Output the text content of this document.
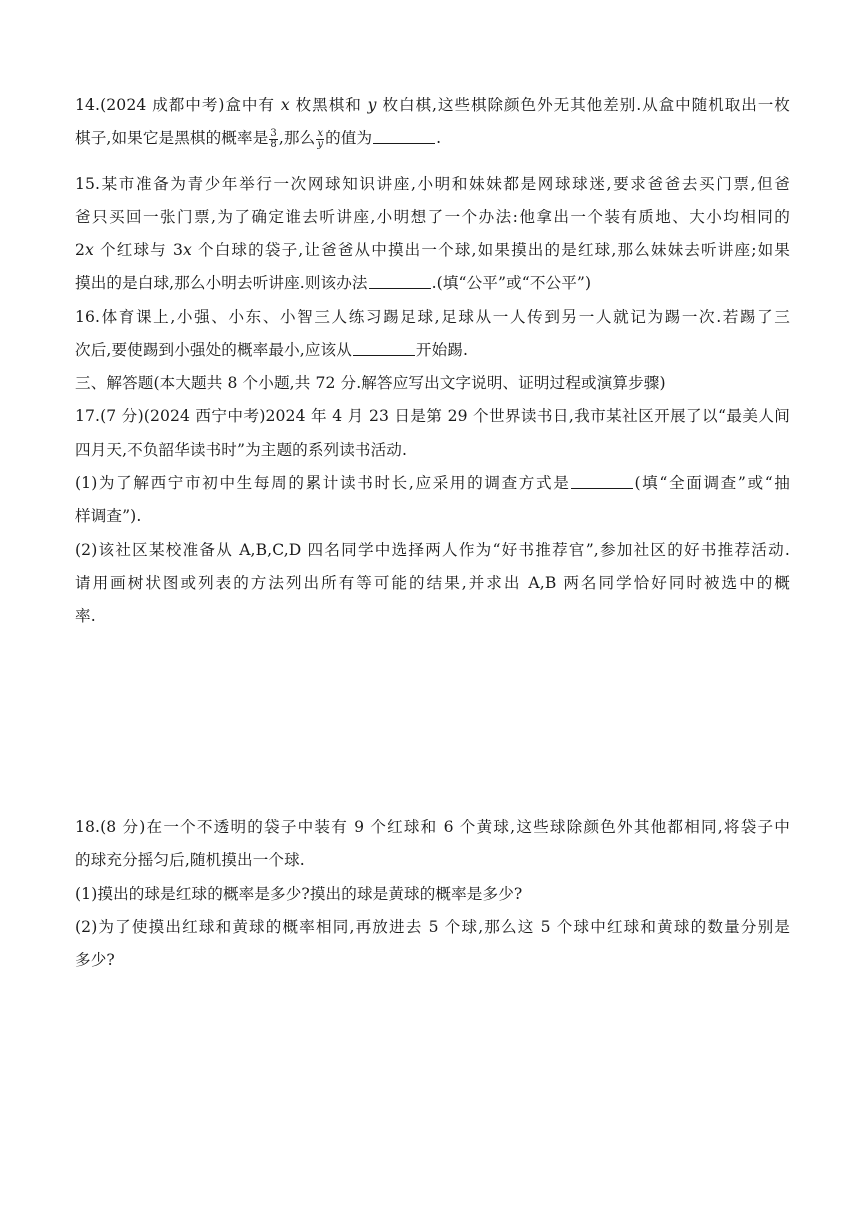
14.(2024 成都中考)盒中有 x 枚黑棋和 y 枚白棋,这些棋除颜色外无其他差别.从盒中随机取出一枚
棋子,如果它是黑棋的概率是 $\frac{3}{8}$ ,那么 $\frac{x}{y}$ 的值为	.
15.某市准备为青少年举行一次网球知识讲座,小明和妹妹都是网球球迷,要求爸爸去买门票,但爸
爸只买回一张门票,为了确定谁去听讲座,小明想了一个办法:他拿出一个装有质地、大小均相同的
2x 个红球与 3x 个白球的袋子,让爸爸从中摸出一个球,如果摸出的是红球,那么妹妹去听讲座;如果
摸出的是白球,那么小明去听讲座.则该办法	.(填“公平”或“不公平”)
16.体育课上,小强、小东、小智三人练习踢足球,足球从一人传到另一人就记为踢一次.若踢了三
次后,要使踢到小强处的概率最小,应该从	开始踢.
三、解答题(本大题共 8 个小题,共 72 分.解答应写出文字说明、证明过程或演算步骤)
17.(7 分)(2024 西宁中考)2024 年 4 月 23 日是第 29 个世界读书日,我市某社区开展了以“最美人间
四月天,不负韶华读书时”为主题的系列读书活动.
(1)为了解西宁市初中生每周的累计读书时长,应采用的调查方式是	(填“全面调查”或“抽
样调查”).
(2)该社区某校准备从 A,B,C,D 四名同学中选择两人作为“好书推荐官”,参加社区的好书推荐活动.
请用画树状图或列表的方法列出所有等可能的结果,并求出 A,B 两名同学恰好同时被选中的概
率.
18.(8 分)在一个不透明的袋子中装有 9 个红球和 6 个黄球,这些球除颜色外其他都相同,将袋子中
的球充分摇匀后,随机摸出一个球.
(1)摸出的球是红球的概率是多少?摸出的球是黄球的概率是多少?
(2)为了使摸出红球和黄球的概率相同,再放进去 5 个球,那么这 5 个球中红球和黄球的数量分别是
多少?
